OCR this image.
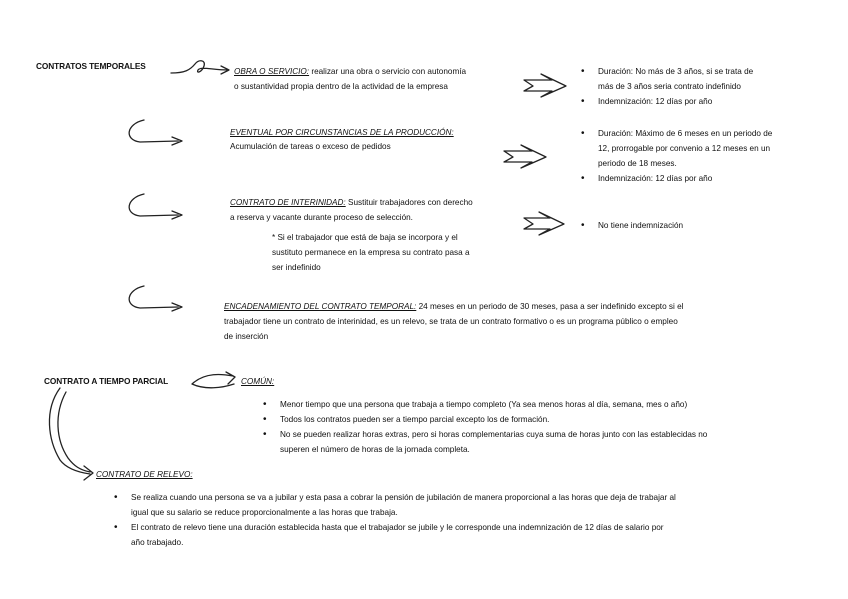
CONTRATOS TEMPORALES
OBRA O SERVICIO: realizar una obra o servicio con autonomía
o sustantividad propia dentro de la actividad de la empresa
• Duración: No más de 3 años, si se trata de
más de 3 años seria contrato indefinido
• Indemnización: 12 días por año
EVENTUAL POR CIRCUNSTANCIAS DE LA PRODUCCIÓN:
Acumulación de tareas o exceso de pedidos
• Duración: Máximo de 6 meses en un periodo de
12, prorrogable por convenio a 12 meses en un
periodo de 18 meses.
• Indemnización: 12 días por año
CONTRATO DE INTERINIDAD: Sustituir trabajadores con derecho
a reserva y vacante durante proceso de selección.
* Si el trabajador que está de baja se incorpora y el
sustituto permanece en la empresa su contrato pasa a
ser indefinido
• No tiene indemnización
ENCADENAMIENTO DEL CONTRATO TEMPORAL: 24 meses en un periodo de 30 meses, pasa a ser indefinido excepto si el
trabajador tiene un contrato de interinidad, es un relevo, se trata de un contrato formativo o es un programa público o empleo
de inserción
CONTRATO A TIEMPO PARCIAL	COMÚN:
• Menor tiempo que una persona que trabaja a tiempo completo (Ya sea menos horas al día, semana, mes o año)
• Todos los contratos pueden ser a tiempo parcial excepto los de formación.
• No se pueden realizar horas extras, pero si horas complementarias cuya suma de horas junto con las establecidas no
superen el número de horas de la jornada completa.
CONTRATO DE RELEVO:
• Se realiza cuando una persona se va a jubilar y esta pasa a cobrar la pensión de jubilación de manera proporcional a las horas que deja de trabajar al
igual que su salario se reduce proporcionalmente a las horas que trabaja.
• El contrato de relevo tiene una duración establecida hasta que el trabajador se jubile y le corresponde una indemnización de 12 días de salario por
año trabajado.
